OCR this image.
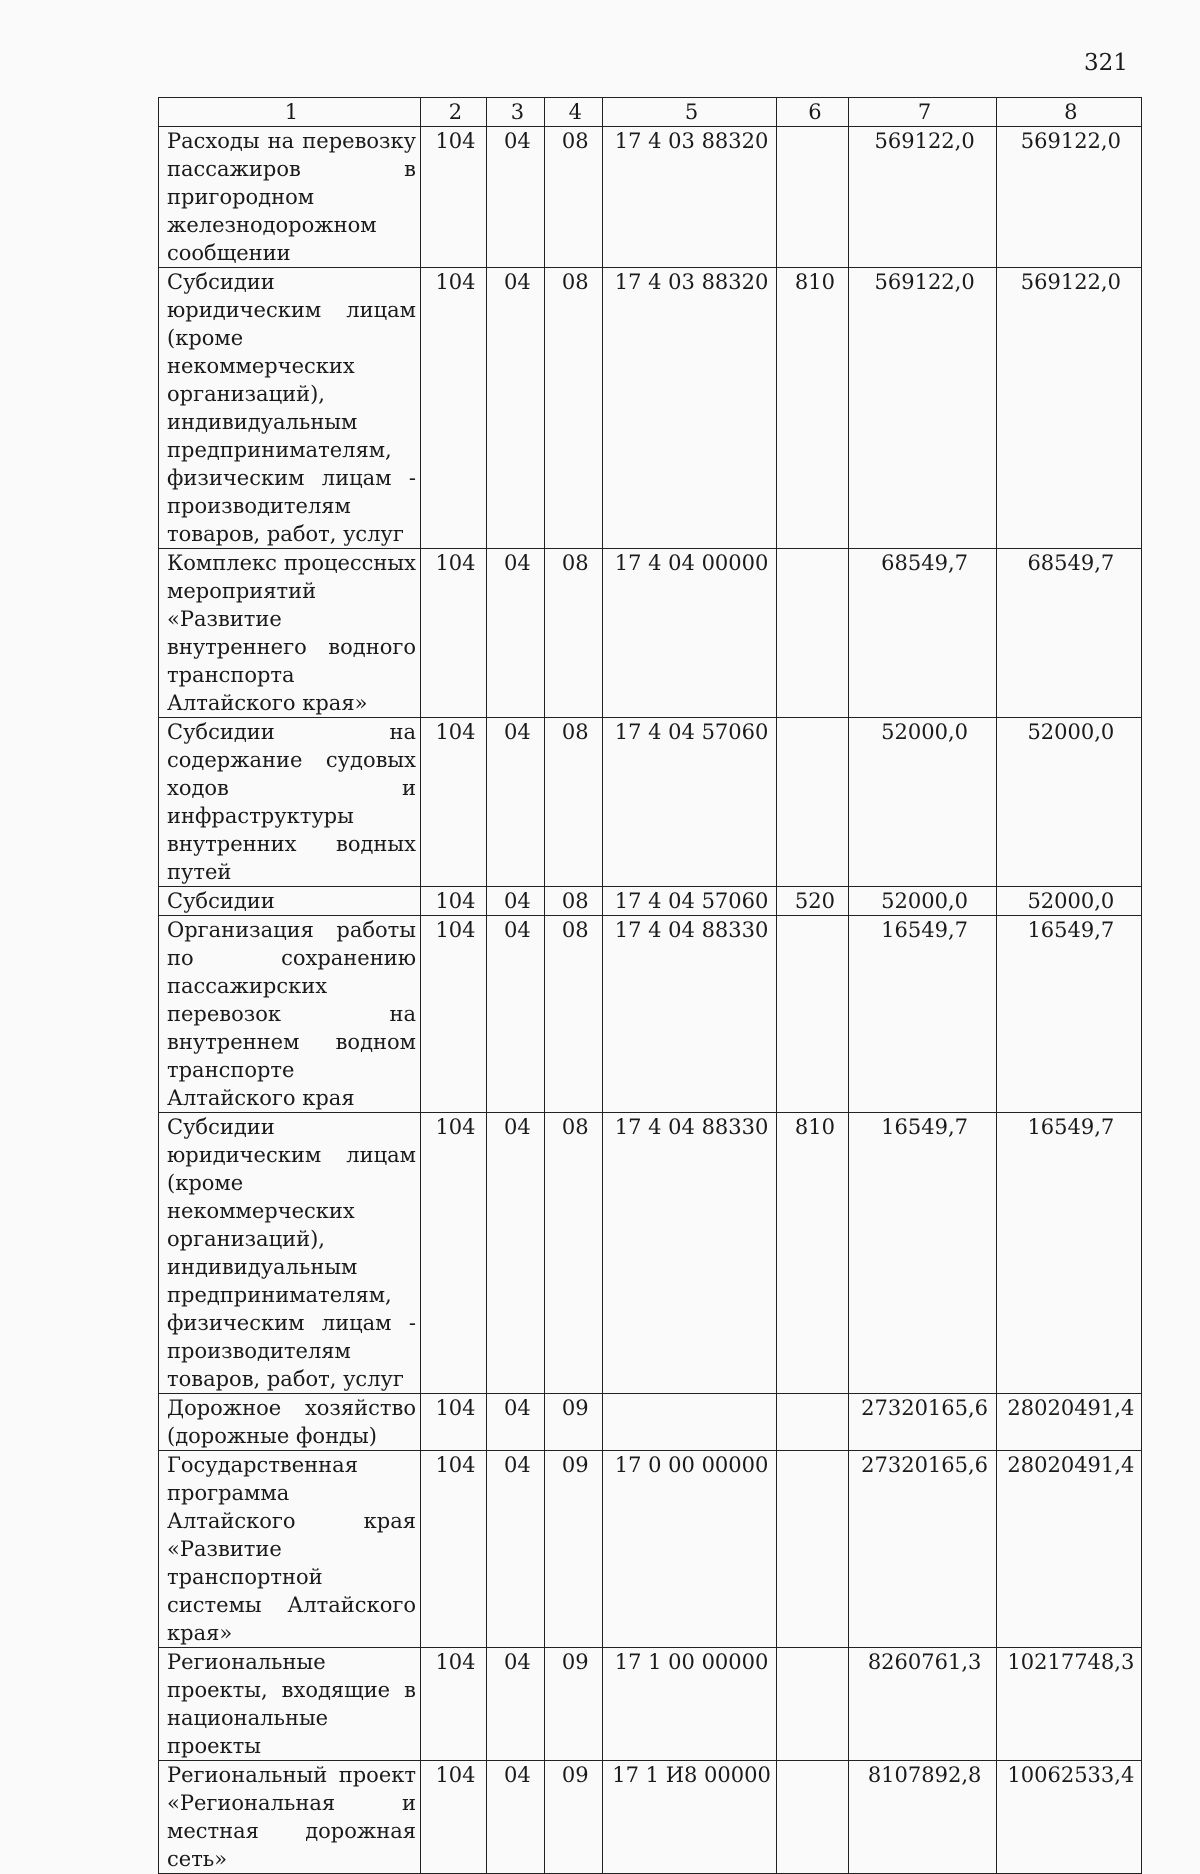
321
1	2	3	4	5	6	7	8
Расходы на перевозку пассажиров в пригородном железнодорожном сообщении	104	04	08	17 4 03 88320		569122,0	569122,0
Субсидии юридическим лицам (кроме некоммерческих организаций), индивидуальным предпринимателям, физическим лицам - производителям товаров, работ, услуг	104	04	08	17 4 03 88320	810	569122,0	569122,0
Комплекс процессных мероприятий «Развитие внутреннего водного транспорта Алтайского края»	104	04	08	17 4 04 00000		68549,7	68549,7
Субсидии на содержание судовых ходов и инфраструктуры внутренних водных путей	104	04	08	17 4 04 57060		52000,0	52000,0
Субсидии	104	04	08	17 4 04 57060	520	52000,0	52000,0
Организация работы по сохранению пассажирских перевозок на внутреннем водном транспорте Алтайского края	104	04	08	17 4 04 88330		16549,7	16549,7
Субсидии юридическим лицам (кроме некоммерческих организаций), индивидуальным предпринимателям, физическим лицам - производителям товаров, работ, услуг	104	04	08	17 4 04 88330	810	16549,7	16549,7
Дорожное хозяйство (дорожные фонды)	104	04	09			27320165,6	28020491,4
Государственная программа Алтайского края «Развитие транспортной системы Алтайского края»	104	04	09	17 0 00 00000		27320165,6	28020491,4
Региональные проекты, входящие в национальные проекты	104	04	09	17 1 00 00000		8260761,3	10217748,3
Региональный проект «Региональная и местная дорожная сеть»	104	04	09	17 1 И8 00000		8107892,8	10062533,4
